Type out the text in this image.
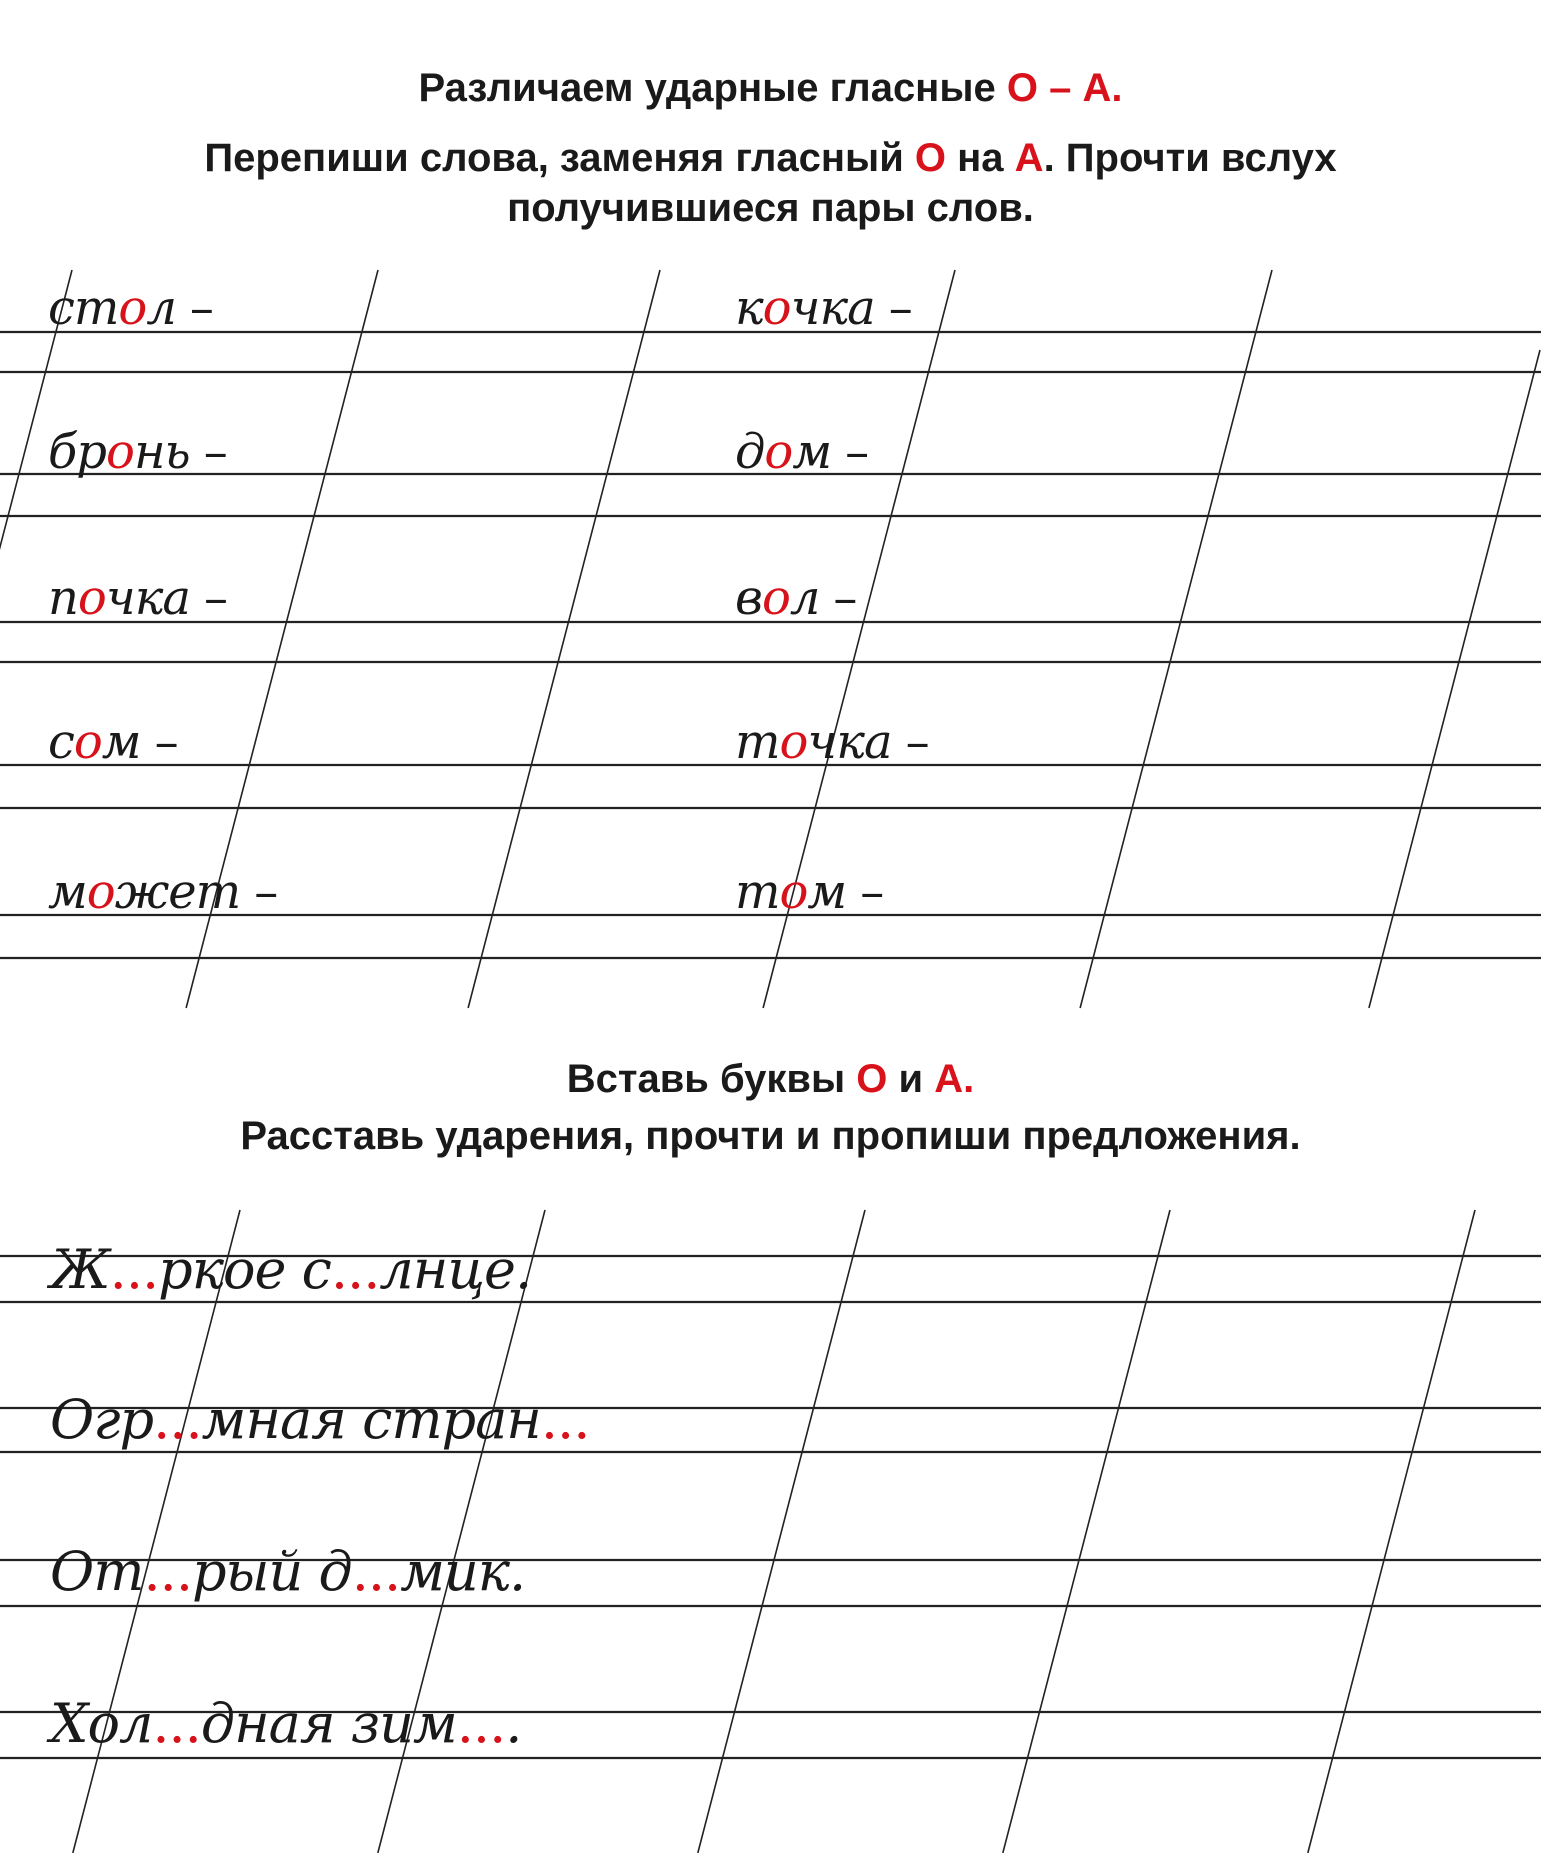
Различаем ударные гласные О – А.
Перепиши слова, заменяя гласный О на А. Прочти вслух
получившиеся пары слов.
стол –
бронь –
почка –
сом –
может –
кочка –
дом –
вол –
точка –
том –
Вставь буквы О и А.
Расставь ударения, прочти и пропиши предложения.
Ж...ркое с...лнце.
Огр...мная стран...
От...рый д...мик.
Хол...дная зим....
